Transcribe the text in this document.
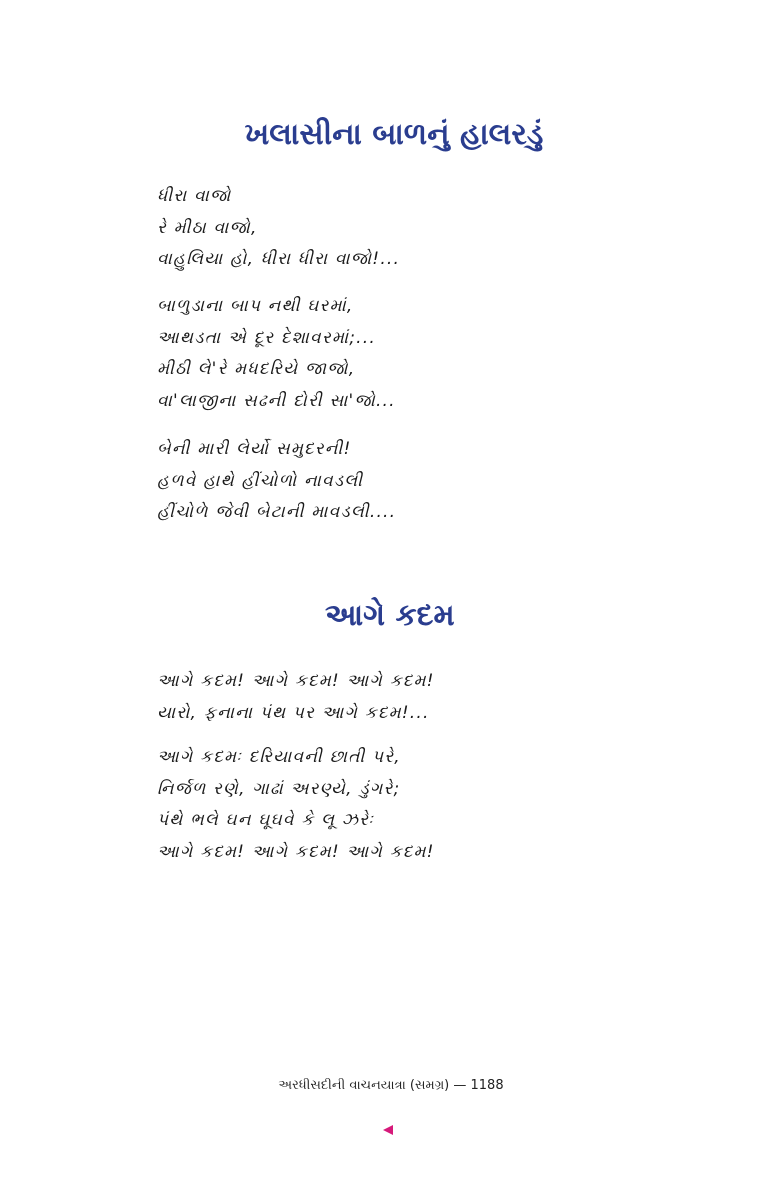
ખલાસીના બાળનું હાલરડું
ધીરા વાજો
રે મીઠા વાજો,
વાહુલિયા હો, ધીરા ધીરા વાજો!...
બાળુડાના બાપ નથી ઘરમાં,
આથડતા એ દૂર દેશાવરમાં;...
મીઠી લે'રે મધદરિયે જાજો,
વા'લાજીના સઢની દોરી સા'જો...
બેની મારી લેર્યો સમુદરની!
હળવે હાથે હીંચોળો નાવડલી
હીંચોળે જેવી બેટાની માવડલી....
આગે કદમ
આગે કદમ! આગે કદમ! આગે કદમ!
યારો, ફનાના પંથ પર આગે કદમ!...
આગે કદમઃ દરિયાવની છાતી પરે,
નિર્જળ રણે, ગાઢાં અરણ્યે, ડુંગરે;
પંથે ભલે ઘન ઘૂઘવે કે લૂ ઝરેઃ
આગે કદમ! આગે કદમ! આગે કદમ!
અરધીસદીની વાચનયાત્રા (સમગ્ર) — 1188
